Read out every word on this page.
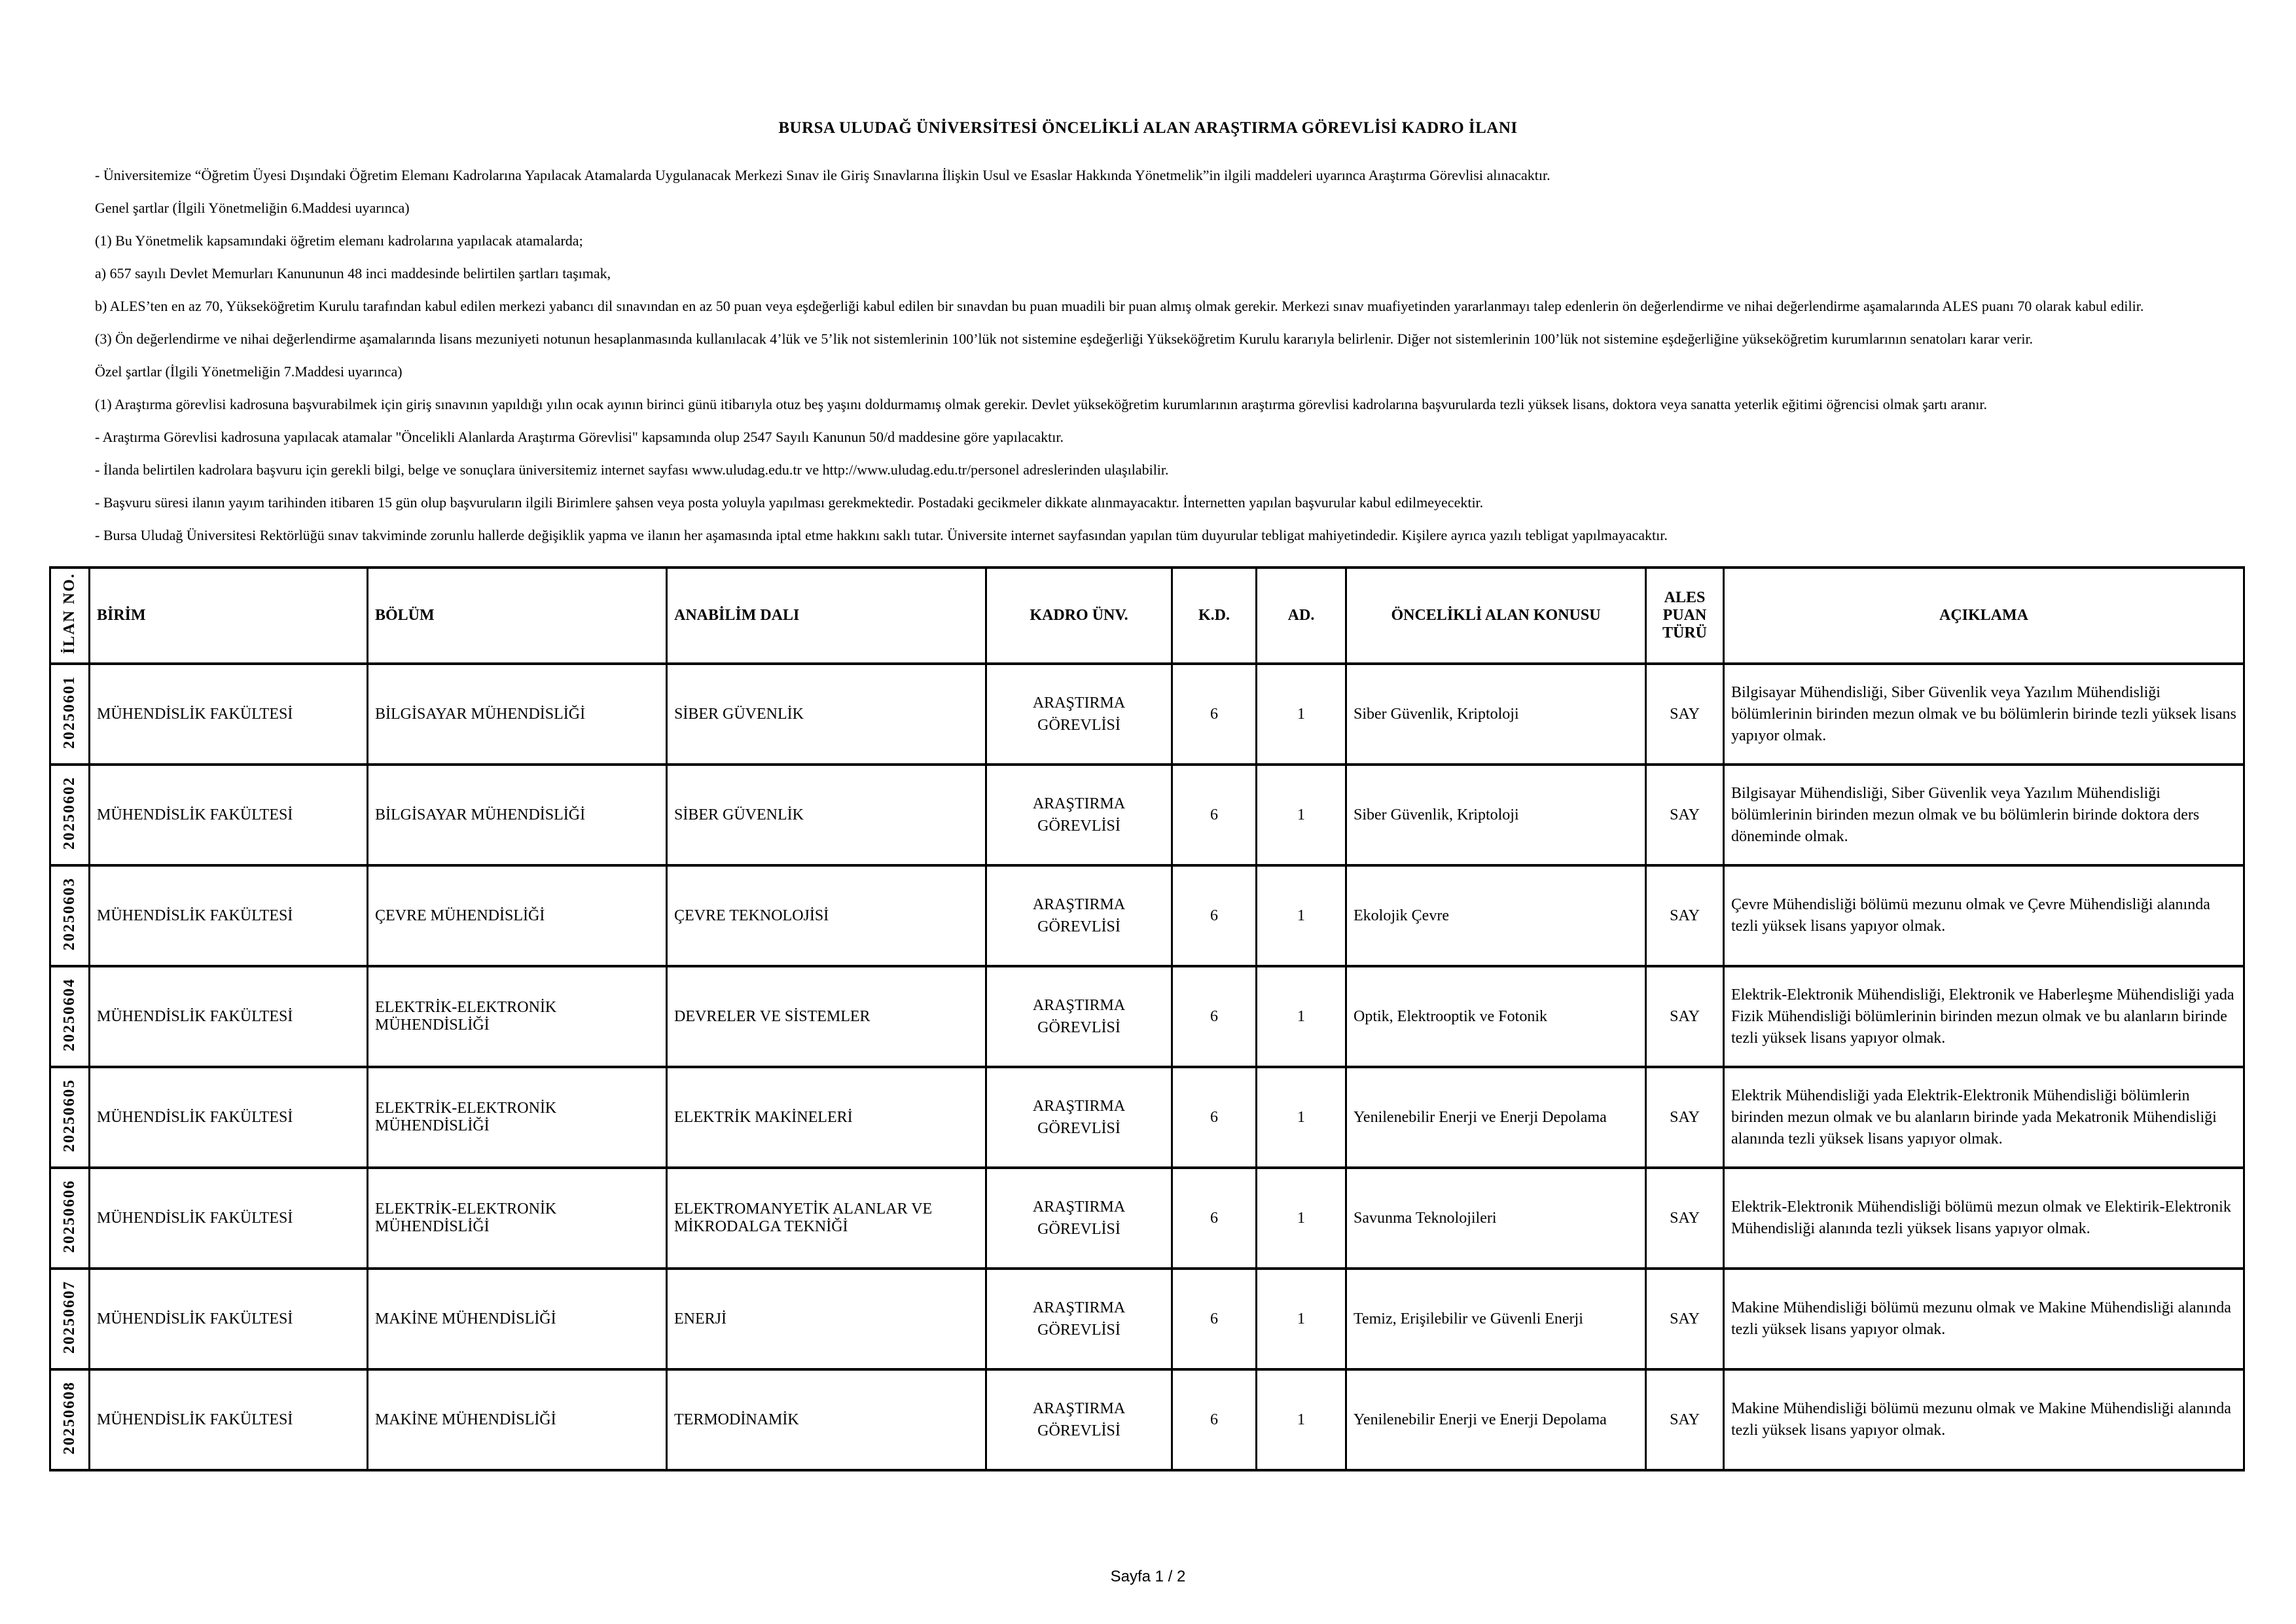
BURSA ULUDAĞ ÜNİVERSİTESİ ÖNCELİKLİ ALAN ARAŞTIRMA GÖREVLİSİ KADRO İLANI

- Üniversitemize “Öğretim Üyesi Dışındaki Öğretim Elemanı Kadrolarına Yapılacak Atamalarda Uygulanacak Merkezi Sınav ile Giriş Sınavlarına İlişkin Usul ve Esaslar Hakkında Yönetmelik”in ilgili maddeleri uyarınca Araştırma Görevlisi alınacaktır.

Genel şartlar (İlgili Yönetmeliğin 6.Maddesi uyarınca)

(1) Bu Yönetmelik kapsamındaki öğretim elemanı kadrolarına yapılacak atamalarda;

a) 657 sayılı Devlet Memurları Kanununun 48 inci maddesinde belirtilen şartları taşımak,

b) ALES’ten en az 70, Yükseköğretim Kurulu tarafından kabul edilen merkezi yabancı dil sınavından en az 50 puan veya eşdeğerliği kabul edilen bir sınavdan bu puan muadili bir puan almış olmak gerekir. Merkezi sınav muafiyetinden yararlanmayı talep edenlerin ön değerlendirme ve nihai değerlendirme aşamalarında ALES puanı 70 olarak kabul edilir.

(3) Ön değerlendirme ve nihai değerlendirme aşamalarında lisans mezuniyeti notunun hesaplanmasında kullanılacak 4’lük ve 5’lik not sistemlerinin 100’lük not sistemine eşdeğerliği Yükseköğretim Kurulu kararıyla belirlenir. Diğer not sistemlerinin 100’lük not sistemine eşdeğerliğine yükseköğretim kurumlarının senatoları karar verir.

Özel şartlar (İlgili Yönetmeliğin 7.Maddesi uyarınca)

(1) Araştırma görevlisi kadrosuna başvurabilmek için giriş sınavının yapıldığı yılın ocak ayının birinci günü itibarıyla otuz beş yaşını doldurmamış olmak gerekir. Devlet yükseköğretim kurumlarının araştırma görevlisi kadrolarına başvurularda tezli yüksek lisans, doktora veya sanatta yeterlik eğitimi öğrencisi olmak şartı aranır.

- Araştırma Görevlisi kadrosuna yapılacak atamalar "Öncelikli Alanlarda Araştırma Görevlisi" kapsamında olup 2547 Sayılı Kanunun 50/d maddesine göre yapılacaktır.

- İlanda belirtilen kadrolara başvuru için gerekli bilgi, belge ve sonuçlara üniversitemiz internet sayfası www.uludag.edu.tr ve http://www.uludag.edu.tr/personel adreslerinden ulaşılabilir.

- Başvuru süresi ilanın yayım tarihinden itibaren 15 gün olup başvuruların ilgili Birimlere şahsen veya posta yoluyla yapılması gerekmektedir. Postadaki gecikmeler dikkate alınmayacaktır. İnternetten yapılan başvurular kabul edilmeyecektir.

- Bursa Uludağ Üniversitesi Rektörlüğü sınav takviminde zorunlu hallerde değişiklik yapma ve ilanın her aşamasında iptal etme hakkını saklı tutar. Üniversite internet sayfasından yapılan tüm duyurular tebligat mahiyetindedir. Kişilere ayrıca yazılı tebligat yapılmayacaktır.

İLAN NO.	BİRİM	BÖLÜM	ANABİLİM DALI	KADRO ÜNV.	K.D.	AD.	ÖNCELİKLİ ALAN KONUSU	ALES PUAN TÜRÜ	AÇIKLAMA
20250601	MÜHENDİSLİK FAKÜLTESİ	BİLGİSAYAR MÜHENDİSLİĞİ	SİBER GÜVENLİK	ARAŞTIRMA GÖREVLİSİ	6	1	Siber Güvenlik, Kriptoloji	SAY	Bilgisayar Mühendisliği, Siber Güvenlik veya Yazılım Mühendisliği bölümlerinin birinden mezun olmak ve bu bölümlerin birinde tezli yüksek lisans yapıyor olmak.
20250602	MÜHENDİSLİK FAKÜLTESİ	BİLGİSAYAR MÜHENDİSLİĞİ	SİBER GÜVENLİK	ARAŞTIRMA GÖREVLİSİ	6	1	Siber Güvenlik, Kriptoloji	SAY	Bilgisayar Mühendisliği, Siber Güvenlik veya Yazılım Mühendisliği bölümlerinin birinden mezun olmak ve bu bölümlerin birinde doktora ders döneminde olmak.
20250603	MÜHENDİSLİK FAKÜLTESİ	ÇEVRE MÜHENDİSLİĞİ	ÇEVRE TEKNOLOJİSİ	ARAŞTIRMA GÖREVLİSİ	6	1	Ekolojik Çevre	SAY	Çevre Mühendisliği bölümü mezunu olmak ve Çevre Mühendisliği alanında tezli yüksek lisans yapıyor olmak.
20250604	MÜHENDİSLİK FAKÜLTESİ	ELEKTRİK-ELEKTRONİK MÜHENDİSLİĞİ	DEVRELER VE SİSTEMLER	ARAŞTIRMA GÖREVLİSİ	6	1	Optik, Elektrooptik ve Fotonik	SAY	Elektrik-Elektronik Mühendisliği, Elektronik ve Haberleşme Mühendisliği yada Fizik Mühendisliği bölümlerinin birinden mezun olmak ve bu alanların birinde tezli yüksek lisans yapıyor olmak.
20250605	MÜHENDİSLİK FAKÜLTESİ	ELEKTRİK-ELEKTRONİK MÜHENDİSLİĞİ	ELEKTRİK MAKİNELERİ	ARAŞTIRMA GÖREVLİSİ	6	1	Yenilenebilir Enerji ve Enerji Depolama	SAY	Elektrik Mühendisliği yada Elektrik-Elektronik Mühendisliği bölümlerin birinden mezun olmak ve bu alanların birinde yada Mekatronik Mühendisliği alanında tezli yüksek lisans yapıyor olmak.
20250606	MÜHENDİSLİK FAKÜLTESİ	ELEKTRİK-ELEKTRONİK MÜHENDİSLİĞİ	ELEKTROMANYETİK ALANLAR VE MİKRODALGA TEKNİĞİ	ARAŞTIRMA GÖREVLİSİ	6	1	Savunma Teknolojileri	SAY	Elektrik-Elektronik Mühendisliği bölümü mezun olmak ve Elektirik-Elektronik Mühendisliği alanında tezli yüksek lisans yapıyor olmak.
20250607	MÜHENDİSLİK FAKÜLTESİ	MAKİNE MÜHENDİSLİĞİ	ENERJİ	ARAŞTIRMA GÖREVLİSİ	6	1	Temiz, Erişilebilir ve Güvenli Enerji	SAY	Makine Mühendisliği bölümü mezunu olmak ve Makine Mühendisliği alanında tezli yüksek lisans yapıyor olmak.
20250608	MÜHENDİSLİK FAKÜLTESİ	MAKİNE MÜHENDİSLİĞİ	TERMODİNAMİK	ARAŞTIRMA GÖREVLİSİ	6	1	Yenilenebilir Enerji ve Enerji Depolama	SAY	Makine Mühendisliği bölümü mezunu olmak ve Makine Mühendisliği alanında tezli yüksek lisans yapıyor olmak.
Sayfa 1 / 2
